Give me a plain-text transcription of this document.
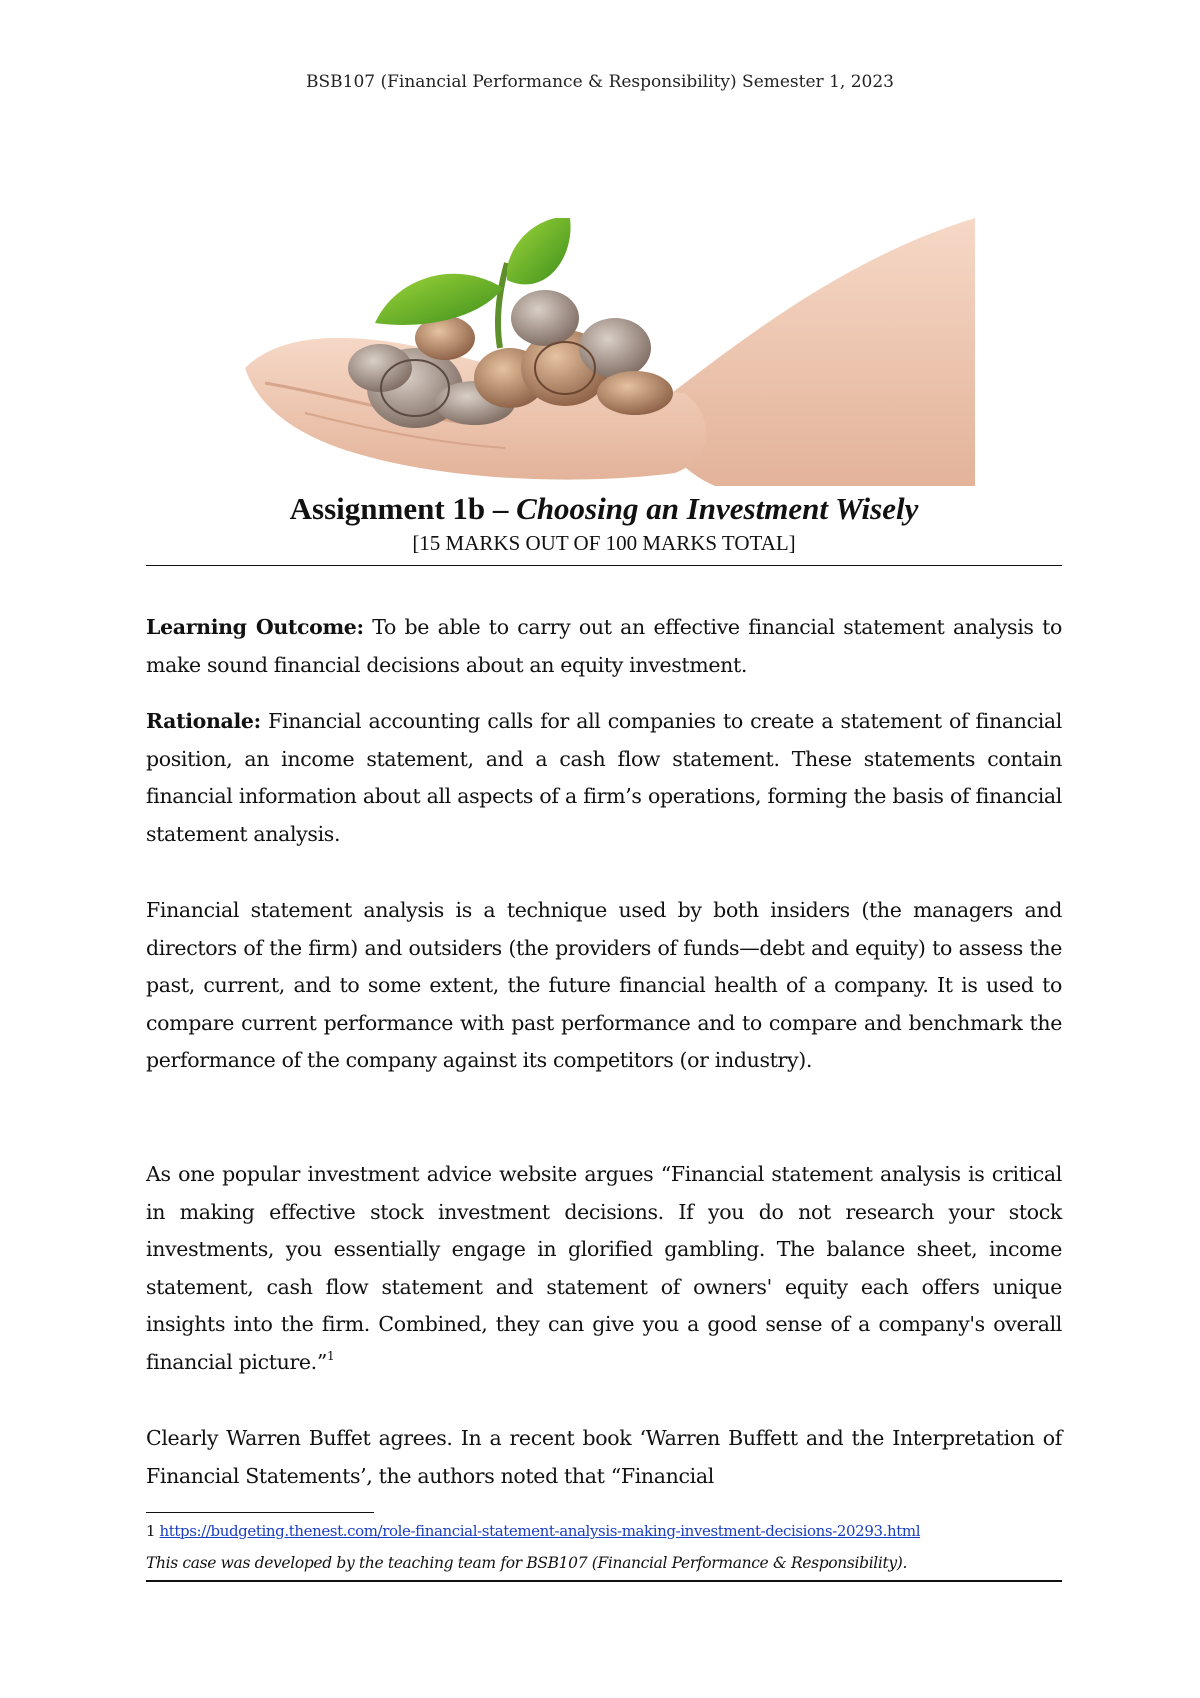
BSB107 (Financial Performance & Responsibility) Semester 1, 2023

Assignment 1b – Choosing an Investment Wisely

[15 MARKS OUT OF 100 MARKS TOTAL]

Learning Outcome: To be able to carry out an effective financial statement analysis to make sound financial decisions about an equity investment.

Rationale: Financial accounting calls for all companies to create a statement of financial position, an income statement, and a cash flow statement. These statements contain financial information about all aspects of a firm’s operations, forming the basis of financial statement analysis.

Financial statement analysis is a technique used by both insiders (the managers and directors of the firm) and outsiders (the providers of funds—debt and equity) to assess the past, current, and to some extent, the future financial health of a company. It is used to compare current performance with past performance and to compare and benchmark the performance of the company against its competitors (or industry).

As one popular investment advice website argues “Financial statement analysis is critical in making effective stock investment decisions. If you do not research your stock investments, you essentially engage in glorified gambling. The balance sheet, income statement, cash flow statement and statement of owners' equity each offers unique insights into the firm. Combined, they can give you a good sense of a company's overall financial picture.”$^1$

Clearly Warren Buffet agrees. In a recent book ‘Warren Buffett and the Interpretation of Financial Statements’, the authors noted that “Financial

1 https://budgeting.thenest.com/role-financial-statement-analysis-making-investment-decisions-20293.html
This case was developed by the teaching team for BSB107 (Financial Performance & Responsibility).
